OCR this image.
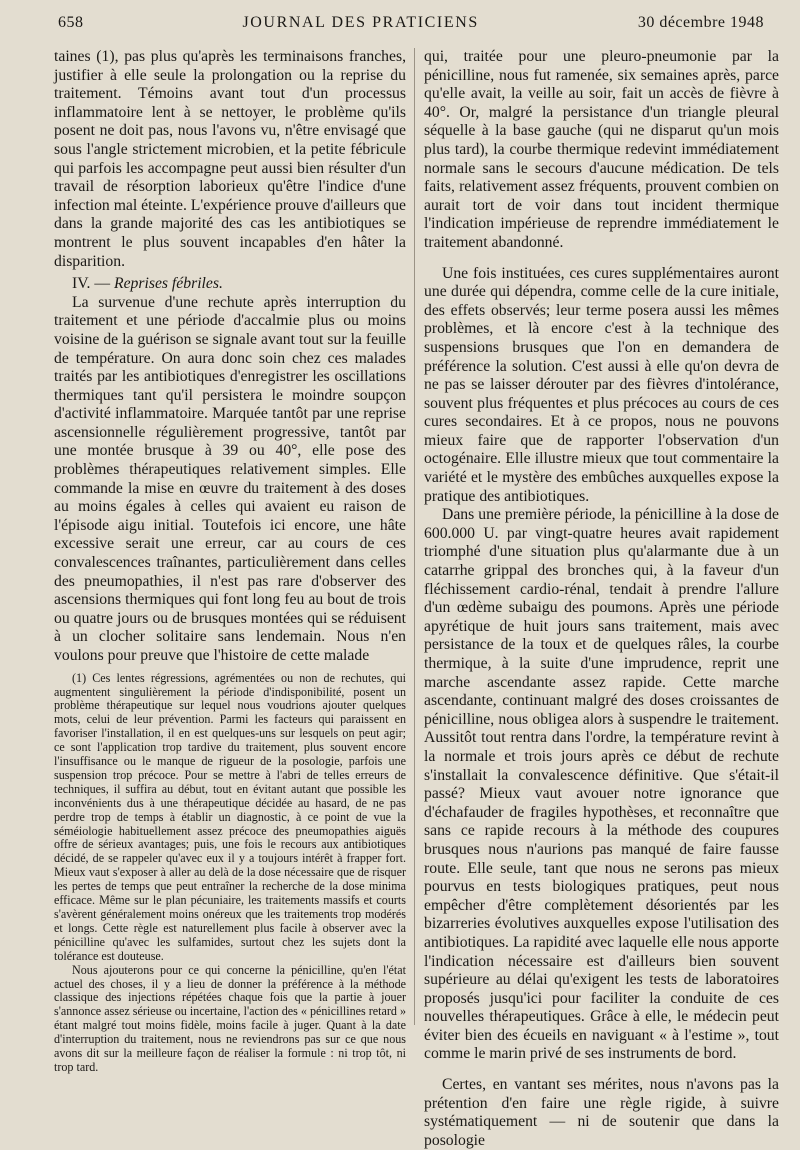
658	JOURNAL DES PRATICIENS	30 décembre 1948

taines (1), pas plus qu'après les terminaisons franches, justifier à elle seule la prolongation ou la reprise du traitement. Témoins avant tout d'un processus inflammatoire lent à se nettoyer, le problème qu'ils posent ne doit pas, nous l'avons vu, n'être envisagé que sous l'angle strictement microbien, et la petite fébricule qui parfois les accompagne peut aussi bien résulter d'un travail de résorption laborieux qu'être l'indice d'une infection mal éteinte. L'expérience prouve d'ailleurs que dans la grande majorité des cas les antibiotiques se montrent le plus souvent incapables d'en hâter la disparition.

IV. — Reprises fébriles.

La survenue d'une rechute après interruption du traitement et une période d'accalmie plus ou moins voisine de la guérison se signale avant tout sur la feuille de température. On aura donc soin chez ces malades traités par les antibiotiques d'enregistrer les oscillations thermiques tant qu'il persistera le moindre soupçon d'activité inflammatoire. Marquée tantôt par une reprise ascensionnelle régulièrement progressive, tantôt par une montée brusque à 39 ou 40°, elle pose des problèmes thérapeutiques relativement simples. Elle commande la mise en œuvre du traitement à des doses au moins égales à celles qui avaient eu raison de l'épisode aigu initial. Toutefois ici encore, une hâte excessive serait une erreur, car au cours de ces convalescences traînantes, particulièrement dans celles des pneumopathies, il n'est pas rare d'observer des ascensions thermiques qui font long feu au bout de trois ou quatre jours ou de brusques montées qui se réduisent à un clocher solitaire sans lendemain. Nous n'en voulons pour preuve que l'histoire de cette malade

(1) Ces lentes régressions, agrémentées ou non de rechutes, qui augmentent singulièrement la période d'indisponibilité, posent un problème thérapeutique sur lequel nous voudrions ajouter quelques mots, celui de leur prévention. Parmi les facteurs qui paraissent en favoriser l'installation, il en est quelques-uns sur lesquels on peut agir; ce sont l'application trop tardive du traitement, plus souvent encore l'insuffisance ou le manque de rigueur de la posologie, parfois une suspension trop précoce. Pour se mettre à l'abri de telles erreurs de techniques, il suffira au début, tout en évitant autant que possible les inconvénients dus à une thérapeutique décidée au hasard, de ne pas perdre trop de temps à établir un diagnostic, à ce point de vue la séméiologie habituellement assez précoce des pneumopathies aiguës offre de sérieux avantages; puis, une fois le recours aux antibiotiques décidé, de se rappeler qu'avec eux il y a toujours intérêt à frapper fort. Mieux vaut s'exposer à aller au delà de la dose nécessaire que de risquer les pertes de temps que peut entraîner la recherche de la dose minima efficace. Même sur le plan pécuniaire, les traitements massifs et courts s'avèrent généralement moins onéreux que les traitements trop modérés et longs. Cette règle est naturellement plus facile à observer avec la pénicilline qu'avec les sulfamides, surtout chez les sujets dont la tolérance est douteuse.

Nous ajouterons pour ce qui concerne la pénicilline, qu'en l'état actuel des choses, il y a lieu de donner la préférence à la méthode classique des injections répétées chaque fois que la partie à jouer s'annonce assez sérieuse ou incertaine, l'action des « pénicillines retard » étant malgré tout moins fidèle, moins facile à juger. Quant à la date d'interruption du traitement, nous ne reviendrons pas sur ce que nous avons dit sur la meilleure façon de réaliser la formule : ni trop tôt, ni trop tard.

qui, traitée pour une pleuro-pneumonie par la pénicilline, nous fut ramenée, six semaines après, parce qu'elle avait, la veille au soir, fait un accès de fièvre à 40°. Or, malgré la persistance d'un triangle pleural séquelle à la base gauche (qui ne disparut qu'un mois plus tard), la courbe thermique redevint immédiatement normale sans le secours d'aucune médication. De tels faits, relativement assez fréquents, prouvent combien on aurait tort de voir dans tout incident thermique l'indication impérieuse de reprendre immédiatement le traitement abandonné.

Une fois instituées, ces cures supplémentaires auront une durée qui dépendra, comme celle de la cure initiale, des effets observés; leur terme posera aussi les mêmes problèmes, et là encore c'est à la technique des suspensions brusques que l'on en demandera de préférence la solution. C'est aussi à elle qu'on devra de ne pas se laisser dérouter par des fièvres d'intolérance, souvent plus fréquentes et plus précoces au cours de ces cures secondaires. Et à ce propos, nous ne pouvons mieux faire que de rapporter l'observation d'un octogénaire. Elle illustre mieux que tout commentaire la variété et le mystère des embûches auxquelles expose la pratique des antibiotiques.

Dans une première période, la pénicilline à la dose de 600.000 U. par vingt-quatre heures avait rapidement triomphé d'une situation plus qu'alarmante due à un catarrhe grippal des bronches qui, à la faveur d'un fléchissement cardio-rénal, tendait à prendre l'allure d'un œdème subaigu des poumons. Après une période apyrétique de huit jours sans traitement, mais avec persistance de la toux et de quelques râles, la courbe thermique, à la suite d'une imprudence, reprit une marche ascendante assez rapide. Cette marche ascendante, continuant malgré des doses croissantes de pénicilline, nous obligea alors à suspendre le traitement. Aussitôt tout rentra dans l'ordre, la température revint à la normale et trois jours après ce début de rechute s'installait la convalescence définitive. Que s'était-il passé? Mieux vaut avouer notre ignorance que d'échafauder de fragiles hypothèses, et reconnaître que sans ce rapide recours à la méthode des coupures brusques nous n'aurions pas manqué de faire fausse route. Elle seule, tant que nous ne serons pas mieux pourvus en tests biologiques pratiques, peut nous empêcher d'être complètement désorientés par les bizarreries évolutives auxquelles expose l'utilisation des antibiotiques. La rapidité avec laquelle elle nous apporte l'indication nécessaire est d'ailleurs bien souvent supérieure au délai qu'exigent les tests de laboratoires proposés jusqu'ici pour faciliter la conduite de ces nouvelles thérapeutiques. Grâce à elle, le médecin peut éviter bien des écueils en naviguant « à l'estime », tout comme le marin privé de ses instruments de bord.

Certes, en vantant ses mérites, nous n'avons pas la prétention d'en faire une règle rigide, à suivre systématiquement — ni de soutenir que dans la posologie
